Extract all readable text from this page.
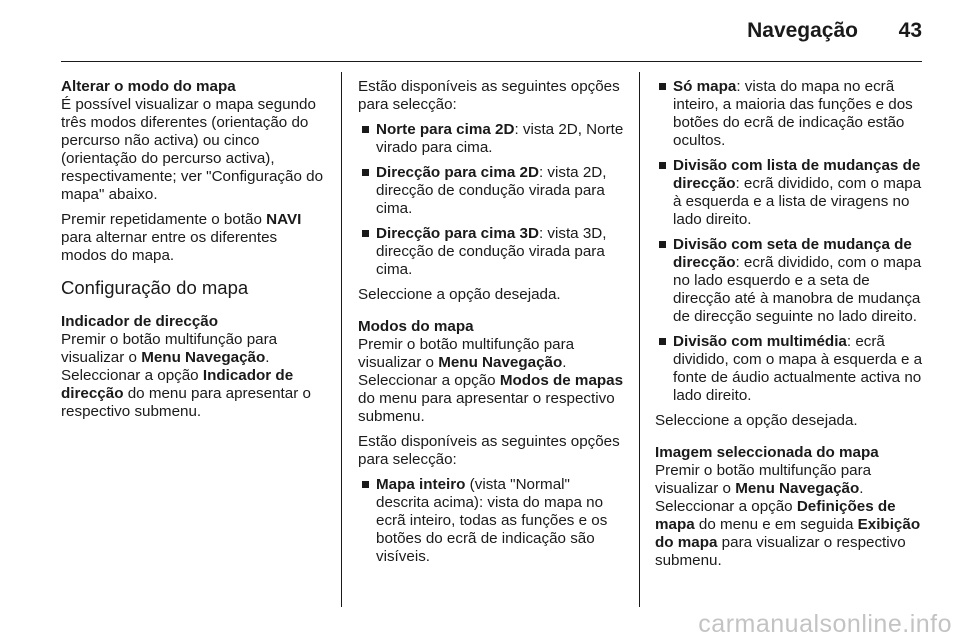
Navegação 43

Alterar o modo do mapa

É possível visualizar o mapa segundo três modos diferentes (orientação do percurso não activa) ou cinco (orientação do percurso activa), respectivamente; ver "Configuração do mapa" abaixo.

Premir repetidamente o botão NAVI para alternar entre os diferentes modos do mapa.

Configuração do mapa

Indicador de direcção

Premir o botão multifunção para visualizar o Menu Navegação. Seleccionar a opção Indicador de direcção do menu para apresentar o respectivo submenu.

Estão disponíveis as seguintes opções para selecção:

Norte para cima 2D: vista 2D, Norte virado para cima.
Direcção para cima 2D: vista 2D, direcção de condução virada para cima.
Direcção para cima 3D: vista 3D, direcção de condução virada para cima.

Seleccione a opção desejada.

Modos do mapa

Premir o botão multifunção para visualizar o Menu Navegação. Seleccionar a opção Modos de mapas do menu para apresentar o respectivo submenu.

Estão disponíveis as seguintes opções para selecção:

Mapa inteiro (vista "Normal" descrita acima): vista do mapa no ecrã inteiro, todas as funções e os botões do ecrã de indicação são visíveis.
Só mapa: vista do mapa no ecrã inteiro, a maioria das funções e dos botões do ecrã de indicação estão ocultos.
Divisão com lista de mudanças de direcção: ecrã dividido, com o mapa à esquerda e a lista de viragens no lado direito.
Divisão com seta de mudança de direcção: ecrã dividido, com o mapa no lado esquerdo e a seta de direcção até à manobra de mudança de direcção seguinte no lado direito.
Divisão com multimédia: ecrã dividido, com o mapa à esquerda e a fonte de áudio actualmente activa no lado direito.

Seleccione a opção desejada.

Imagem seleccionada do mapa

Premir o botão multifunção para visualizar o Menu Navegação. Seleccionar a opção Definições de mapa do menu e em seguida Exibição do mapa para visualizar o respectivo submenu.

carmanualsonline.info
